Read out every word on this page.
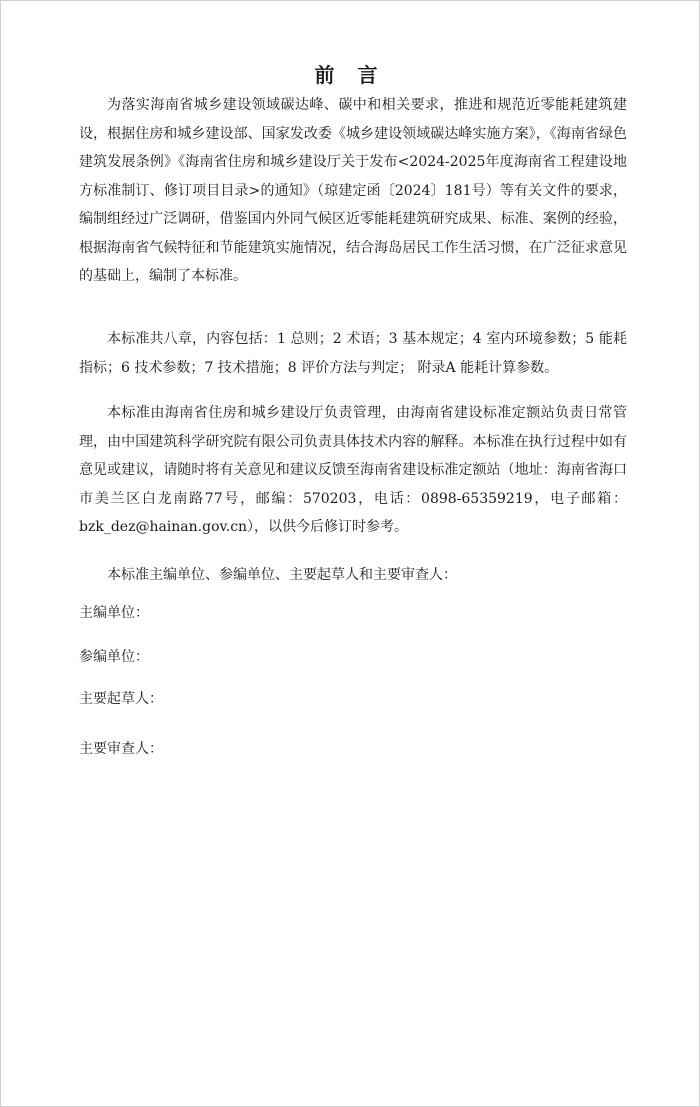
前 言

为落实海南省城乡建设领域碳达峰、碳中和相关要求，推进和规范近零能耗建筑建设，根据住房和城乡建设部、国家发改委《城乡建设领域碳达峰实施方案》，《海南省绿色建筑发展条例》《海南省住房和城乡建设厅关于发布<2024-2025年度海南省工程建设地方标准制订、修订项目目录>的通知》（琼建定函〔2024〕181号）等有关文件的要求，编制组经过广泛调研，借鉴国内外同气候区近零能耗建筑研究成果、标准、案例的经验，根据海南省气候特征和节能建筑实施情况，结合海岛居民工作生活习惯，在广泛征求意见的基础上，编制了本标准。

本标准共八章，内容包括：1 总则；2 术语；3 基本规定；4 室内环境参数；5 能耗指标；6 技术参数；7 技术措施；8 评价方法与判定； 附录A 能耗计算参数。

本标准由海南省住房和城乡建设厅负责管理，由海南省建设标准定额站负责日常管理，由中国建筑科学研究院有限公司负责具体技术内容的解释。本标准在执行过程中如有意见或建议，请随时将有关意见和建议反馈至海南省建设标准定额站（地址：海南省海口市美兰区白龙南路77号，邮编：570203，电话：0898-65359219，电子邮箱：bzk_dez@hainan.gov.cn），以供今后修订时参考。

本标准主编单位、参编单位、主要起草人和主要审查人：

主编单位：

参编单位：

主要起草人：

主要审查人：
